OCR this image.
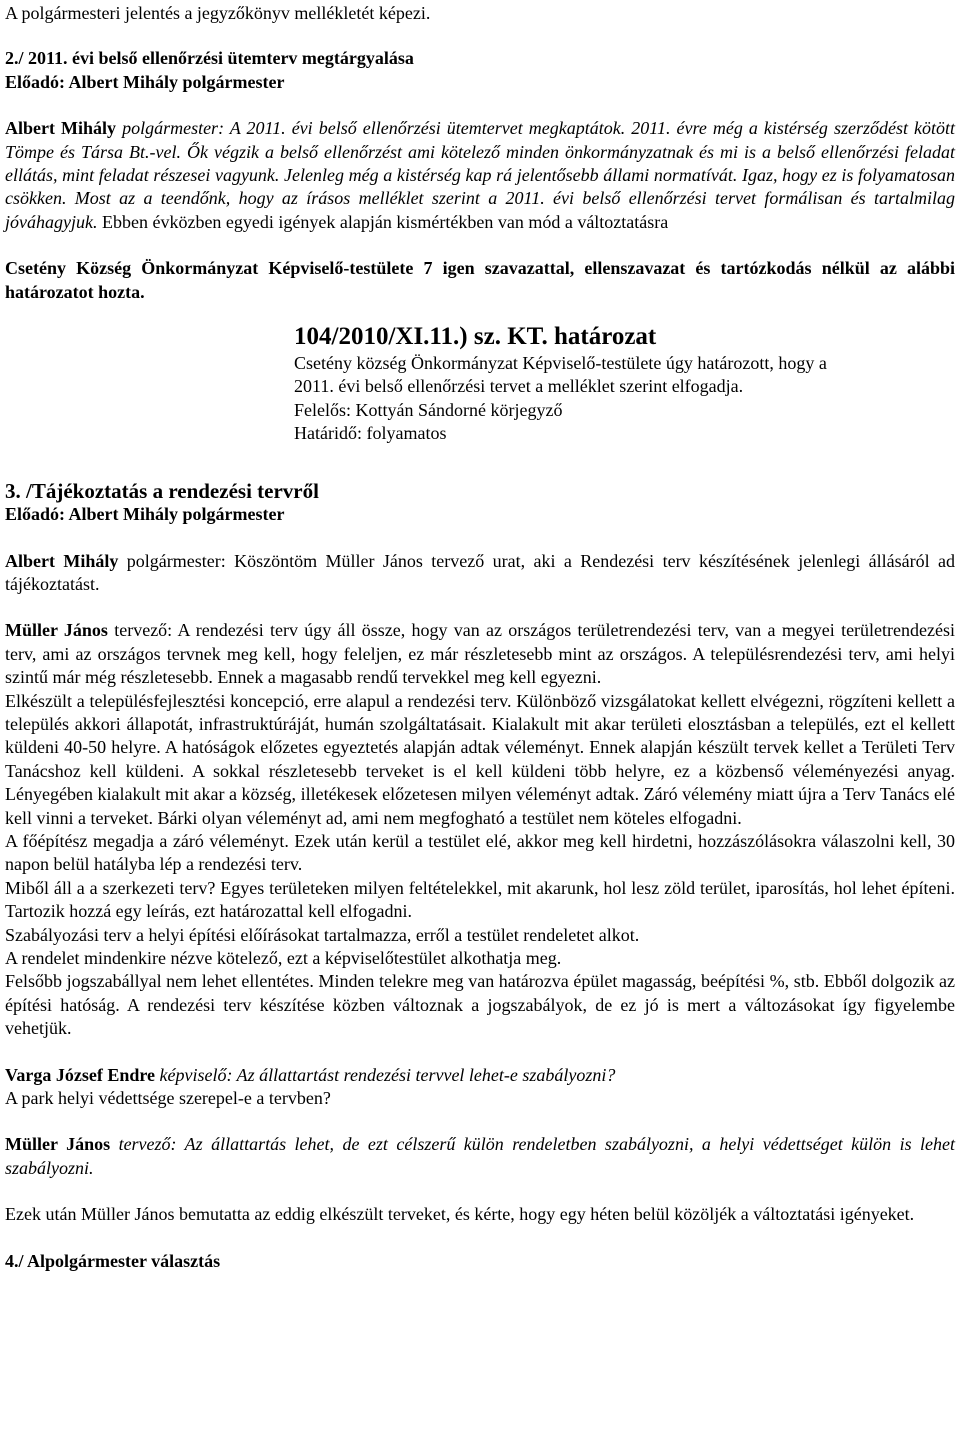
A polgármesteri jelentés a jegyzőkönyv mellékletét képezi.

2./ 2011. évi belső ellenőrzési ütemterv megtárgyalása

Előadó: Albert Mihály polgármester

Albert Mihály polgármester: A 2011. évi belső ellenőrzési ütemtervet megkaptátok. 2011. évre még a kistérség szerződést kötött Tömpe és Társa Bt.-vel. Ők végzik a belső ellenőrzést ami kötelező minden önkormányzatnak és mi is a belső ellenőrzési feladat ellátás, mint feladat részesei vagyunk. Jelenleg még a kistérség kap rá jelentősebb állami normatívát. Igaz, hogy ez is folyamatosan csökken. Most az a teendőnk, hogy az írásos melléklet szerint a 2011. évi belső ellenőrzési tervet formálisan és tartalmilag jóváhagyjuk. Ebben évközben egyedi igények alapján kismértékben van mód a változtatásra

Csetény Község Önkormányzat Képviselő-testülete 7 igen szavazattal, ellenszavazat és tartózkodás nélkül az alábbi határozatot hozta.

104/2010/XI.11.) sz. KT. határozat

Csetény község Önkormányzat Képviselő-testülete úgy határozott, hogy a

2011. évi belső ellenőrzési tervet a melléklet szerint elfogadja.

Felelős: Kottyán Sándorné körjegyző

Határidő: folyamatos

3. /Tájékoztatás a rendezési tervről

Előadó: Albert Mihály polgármester

Albert Mihály polgármester: Köszöntöm Müller János tervező urat, aki a Rendezési terv készítésének jelenlegi állásáról ad tájékoztatást.

Müller János tervező: A rendezési terv úgy áll össze, hogy van az országos területrendezési terv, van a megyei területrendezési terv, ami az országos tervnek meg kell, hogy feleljen, ez már részletesebb mint az országos. A településrendezési terv, ami helyi szintű már még részletesebb. Ennek a magasabb rendű tervekkel meg kell egyezni.

Elkészült a településfejlesztési koncepció, erre alapul a rendezési terv. Különböző vizsgálatokat kellett elvégezni, rögzíteni kellett a település akkori állapotát, infrastruktúráját, humán szolgáltatásait. Kialakult mit akar területi elosztásban a település, ezt el kellett küldeni 40-50 helyre. A hatóságok előzetes egyeztetés alapján adtak véleményt. Ennek alapján készült tervek kellet a Területi Terv Tanácshoz kell küldeni. A sokkal részletesebb terveket is el kell küldeni több helyre, ez a közbenső véleményezési anyag. Lényegében kialakult mit akar a község, illetékesek előzetesen milyen véleményt adtak. Záró vélemény miatt újra a Terv Tanács elé kell vinni a terveket. Bárki olyan véleményt ad, ami nem megfogható a testület nem köteles elfogadni.

A főépítész megadja a záró véleményt. Ezek után kerül a testület elé, akkor meg kell hirdetni, hozzászólásokra válaszolni kell, 30 napon belül hatályba lép a rendezési terv.

Miből áll a a szerkezeti terv? Egyes területeken milyen feltételekkel, mit akarunk, hol lesz zöld terület, iparosítás, hol lehet építeni. Tartozik hozzá egy leírás, ezt határozattal kell elfogadni.

Szabályozási terv a helyi építési előírásokat tartalmazza, erről a testület rendeletet alkot.

A rendelet mindenkire nézve kötelező, ezt a képviselőtestület alkothatja meg.

Felsőbb jogszabállyal nem lehet ellentétes. Minden telekre meg van határozva épület magasság, beépítési %, stb. Ebből dolgozik az építési hatóság. A rendezési terv készítése közben változnak a jogszabályok, de ez jó is mert a változásokat így figyelembe vehetjük.

Varga József Endre képviselő: Az állattartást rendezési tervvel lehet-e szabályozni?

A park helyi védettsége szerepel-e a tervben?

Müller János tervező: Az állattartás lehet, de ezt célszerű külön rendeletben szabályozni, a helyi védettséget külön is lehet szabályozni.

Ezek után Müller János bemutatta az eddig elkészült terveket, és kérte, hogy egy héten belül közöljék a változtatási igényeket.

4./ Alpolgármester választás
